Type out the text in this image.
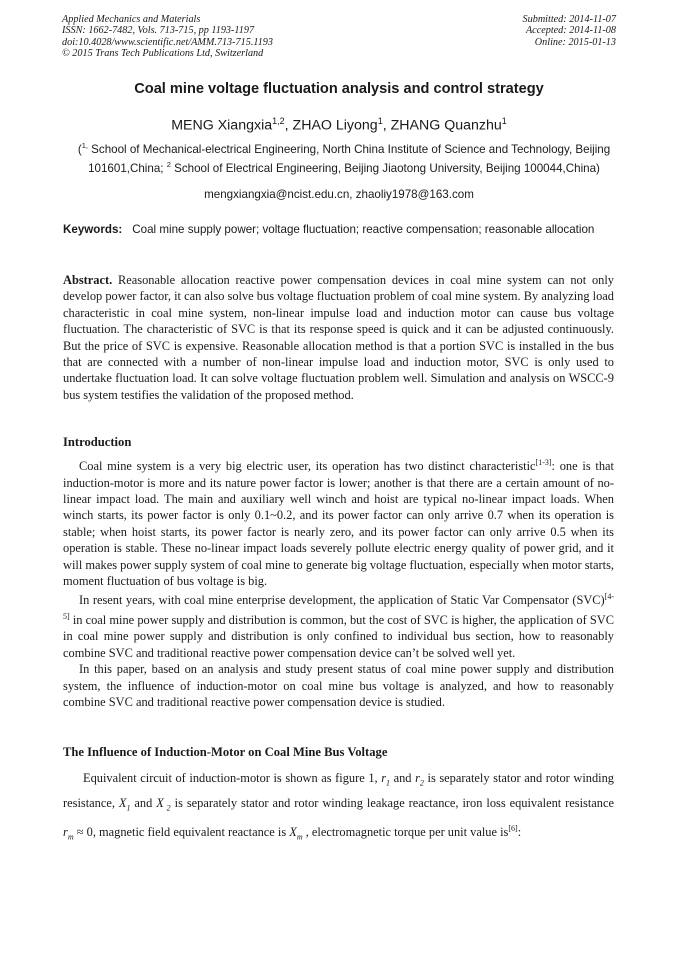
Applied Mechanics and Materials
ISSN: 1662-7482, Vols. 713-715, pp 1193-1197
doi:10.4028/www.scientific.net/AMM.713-715.1193
© 2015 Trans Tech Publications Ltd, Switzerland
Submitted: 2014-11-07
Accepted: 2014-11-08
Online: 2015-01-13
Coal mine voltage fluctuation analysis and control strategy
MENG Xiangxia$^{1,2}$, ZHAO Liyong$^1$, ZHANG Quanzhu$^1$
($^{1,}$ School of Mechanical-electrical Engineering, North China Institute of Science and Technology, Beijing 101601,China; $^2$ School of Electrical Engineering, Beijing Jiaotong University, Beijing 100044,China)
mengxiangxia@ncist.edu.cn, zhaoliy1978@163.com
Keywords: Coal mine supply power; voltage fluctuation; reactive compensation; reasonable allocation
Abstract. Reasonable allocation reactive power compensation devices in coal mine system can not only develop power factor, it can also solve bus voltage fluctuation problem of coal mine system. By analyzing load characteristic in coal mine system, non-linear impulse load and induction motor can cause bus voltage fluctuation. The characteristic of SVC is that its response speed is quick and it can be adjusted continuously. But the price of SVC is expensive. Reasonable allocation method is that a portion SVC is installed in the bus that are connected with a number of non-linear impulse load and induction motor, SVC is only used to undertake fluctuation load. It can solve voltage fluctuation problem well. Simulation and analysis on WSCC-9 bus system testifies the validation of the proposed method.
Introduction

Coal mine system is a very big electric user, its operation has two distinct characteristic[1-3]: one is that induction-motor is more and its nature power factor is lower; another is that there are a certain amount of no-linear impact load. The main and auxiliary well winch and hoist are typical no-linear impact loads. When winch starts, its power factor is only 0.1~0.2, and its power factor can only arrive 0.7 when its operation is stable; when hoist starts, its power factor is nearly zero, and its power factor can only arrive 0.5 when its operation is stable. These no-linear impact loads severely pollute electric energy quality of power grid, and it will makes power supply system of coal mine to generate big voltage fluctuation, especially when motor starts, moment fluctuation of bus voltage is big.

In resent years, with coal mine enterprise development, the application of Static Var Compensator (SVC)[4-5] in coal mine power supply and distribution is common, but the cost of SVC is higher, the application of SVC in coal mine power supply and distribution is only confined to individual bus section, how to reasonably combine SVC and traditional reactive power compensation device can’t be solved well yet.

In this paper, based on an analysis and study present status of coal mine power supply and distribution system, the influence of induction-motor on coal mine bus voltage is analyzed, and how to reasonably combine SVC and traditional reactive power compensation device is studied.

The Influence of Induction-Motor on Coal Mine Bus Voltage

Equivalent circuit of induction-motor is shown as figure 1, $r_1$ and $r_2$ is separately stator and rotor winding resistance, $X_1$ and X $_2$ is separately stator and rotor winding leakage reactance, iron loss equivalent resistance $r_m \approx 0$, magnetic field equivalent reactance is $X_m$ , electromagnetic torque per unit value is[6]:
